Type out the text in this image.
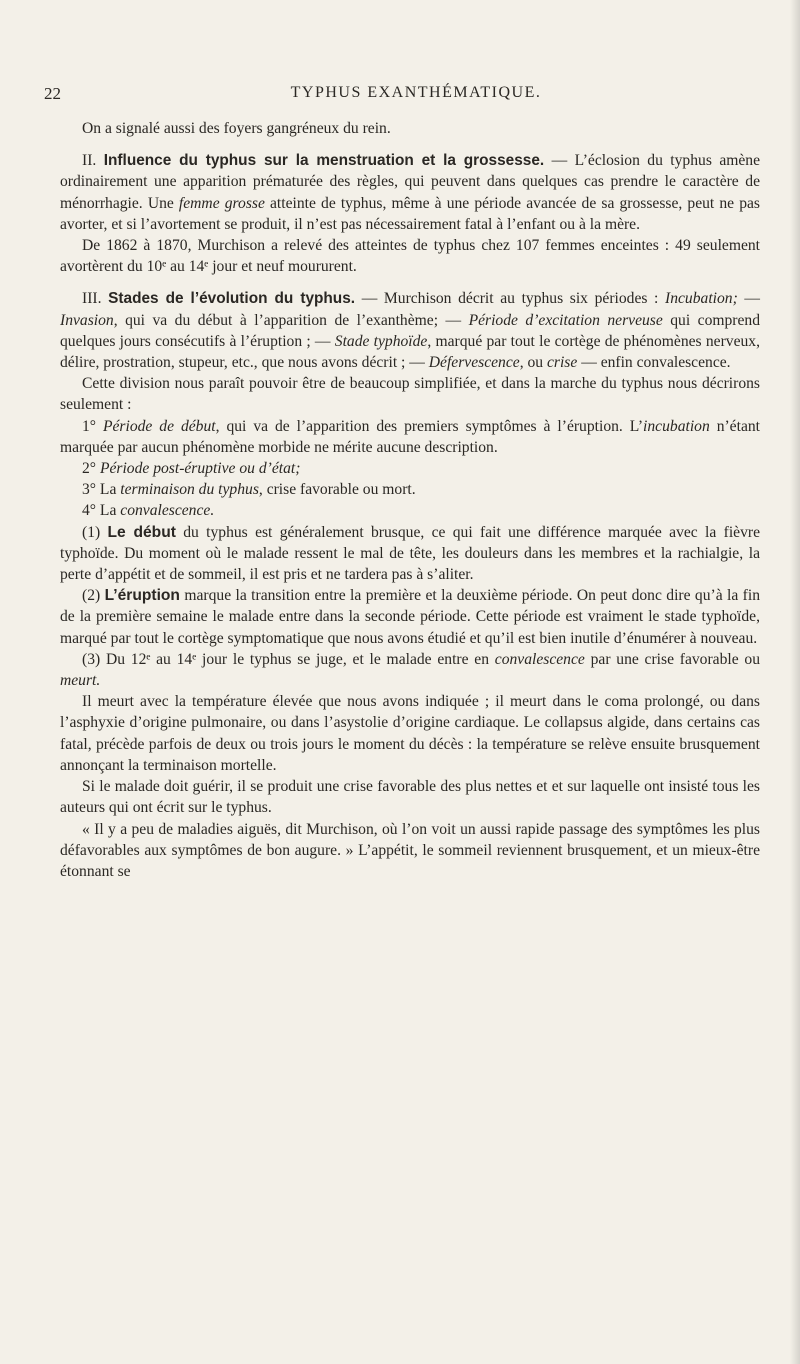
22	TYPHUS EXANTHÉMATIQUE.

On a signalé aussi des foyers gangréneux du rein.

II. Influence du typhus sur la menstruation et la grossesse. — L’éclosion du typhus amène ordinairement une apparition prématurée des règles, qui peuvent dans quelques cas prendre le caractère de ménorrhagie. Une femme grosse atteinte de typhus, même à une période avancée de sa grossesse, peut ne pas avorter, et si l’avortement se produit, il n’est pas nécessairement fatal à l’enfant ou à la mère.

De 1862 à 1870, Murchison a relevé des atteintes de typhus chez 107 femmes enceintes : 49 seulement avortèrent du 10ᵉ au 14ᵉ jour et neuf moururent.

III. Stades de l’évolution du typhus. — Murchison décrit au typhus six périodes : Incubation; — Invasion, qui va du début à l’apparition de l’exanthème; — Période d’excitation nerveuse qui comprend quelques jours consécutifs à l’éruption ; — Stade typhoïde, marqué par tout le cortège de phénomènes nerveux, délire, prostration, stupeur, etc., que nous avons décrit ; — Défervescence, ou crise — enfin convalescence.

Cette division nous paraît pouvoir être de beaucoup simplifiée, et dans la marche du typhus nous décrirons seulement :

1° Période de début, qui va de l’apparition des premiers symptômes à l’éruption. L’incubation n’étant marquée par aucun phénomène morbide ne mérite aucune description.

2° Période post-éruptive ou d’état;

3° La terminaison du typhus, crise favorable ou mort.

4° La convalescence.

(1) Le début du typhus est généralement brusque, ce qui fait une différence marquée avec la fièvre typhoïde. Du moment où le malade ressent le mal de tête, les douleurs dans les membres et la rachialgie, la perte d’appétit et de sommeil, il est pris et ne tardera pas à s’aliter.

(2) L’éruption marque la transition entre la première et la deuxième période. On peut donc dire qu’à la fin de la première semaine le malade entre dans la seconde période. Cette période est vraiment le stade typhoïde, marqué par tout le cortège symptomatique que nous avons étudié et qu’il est bien inutile d’énumérer à nouveau.

(3) Du 12ᵉ au 14ᵉ jour le typhus se juge, et le malade entre en convalescence par une crise favorable ou meurt.

Il meurt avec la température élevée que nous avons indiquée ; il meurt dans le coma prolongé, ou dans l’asphyxie d’origine pulmonaire, ou dans l’asystolie d’origine cardiaque. Le collapsus algide, dans certains cas fatal, précède parfois de deux ou trois jours le moment du décès : la température se relève ensuite brusquement annonçant la terminaison mortelle.

Si le malade doit guérir, il se produit une crise favorable des plus nettes et et sur laquelle ont insisté tous les auteurs qui ont écrit sur le typhus.

« Il y a peu de maladies aiguës, dit Murchison, où l’on voit un aussi rapide passage des symptômes les plus défavorables aux symptômes de bon augure. » L’appétit, le sommeil reviennent brusquement, et un mieux-être étonnant se
